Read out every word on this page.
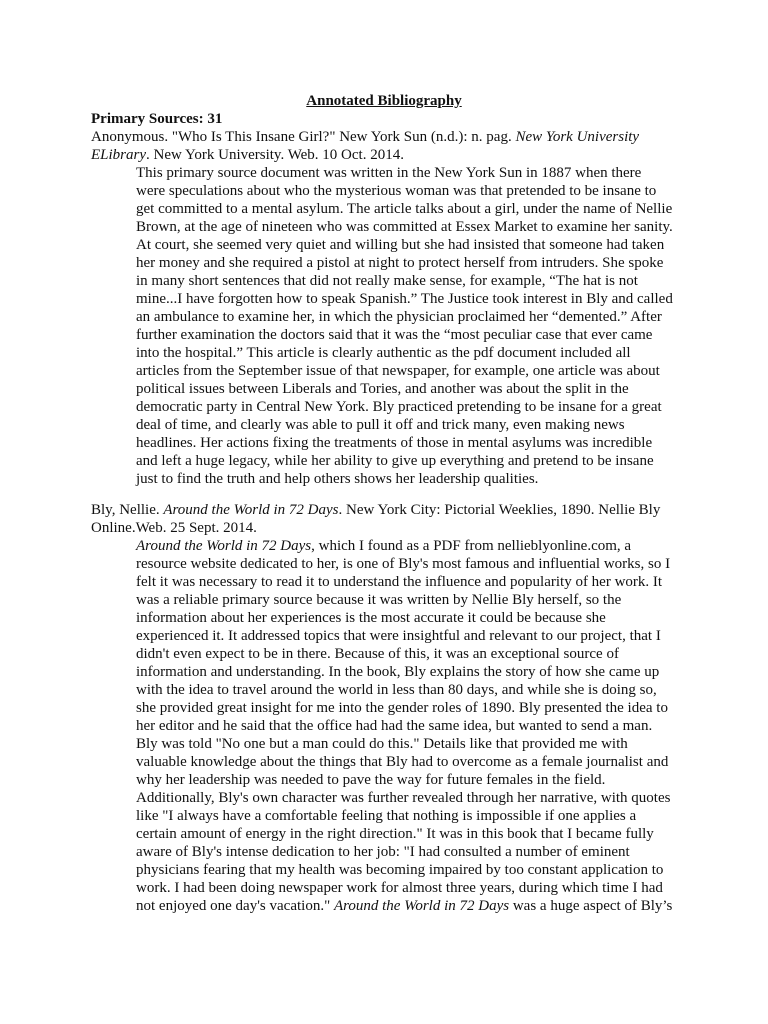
Annotated Bibliography
Primary Sources: 31
Anonymous. "Who Is This Insane Girl?" New York Sun (n.d.): n. pag. New York University
ELibrary. New York University. Web. 10 Oct. 2014.
This primary source document was written in the New York Sun in 1887 when there
were speculations about who the mysterious woman was that pretended to be insane to
get committed to a mental asylum. The article talks about a girl, under the name of Nellie
Brown, at the age of nineteen who was committed at Essex Market to examine her sanity.
At court, she seemed very quiet and willing but she had insisted that someone had taken
her money and she required a pistol at night to protect herself from intruders. She spoke
in many short sentences that did not really make sense, for example, “The hat is not
mine...I have forgotten how to speak Spanish.” The Justice took interest in Bly and called
an ambulance to examine her, in which the physician proclaimed her “demented.” After
further examination the doctors said that it was the “most peculiar case that ever came
into the hospital.” This article is clearly authentic as the pdf document included all
articles from the September issue of that newspaper, for example, one article was about
political issues between Liberals and Tories, and another was about the split in the
democratic party in Central New York. Bly practiced pretending to be insane for a great
deal of time, and clearly was able to pull it off and trick many, even making news
headlines. Her actions fixing the treatments of those in mental asylums was incredible
and left a huge legacy, while her ability to give up everything and pretend to be insane
just to find the truth and help others shows her leadership qualities.
Bly, Nellie. Around the World in 72 Days. New York City: Pictorial Weeklies, 1890. Nellie Bly
Online.Web. 25 Sept. 2014.
Around the World in 72 Days, which I found as a PDF from nellieblyonline.com, a
resource website dedicated to her, is one of Bly's most famous and influential works, so I
felt it was necessary to read it to understand the influence and popularity of her work. It
was a reliable primary source because it was written by Nellie Bly herself, so the
information about her experiences is the most accurate it could be because she
experienced it. It addressed topics that were insightful and relevant to our project, that I
didn't even expect to be in there. Because of this, it was an exceptional source of
information and understanding. In the book, Bly explains the story of how she came up
with the idea to travel around the world in less than 80 days, and while she is doing so,
she provided great insight for me into the gender roles of 1890. Bly presented the idea to
her editor and he said that the office had had the same idea, but wanted to send a man.
Bly was told "No one but a man could do this." Details like that provided me with
valuable knowledge about the things that Bly had to overcome as a female journalist and
why her leadership was needed to pave the way for future females in the field.
Additionally, Bly's own character was further revealed through her narrative, with quotes
like "I always have a comfortable feeling that nothing is impossible if one applies a
certain amount of energy in the right direction." It was in this book that I became fully
aware of Bly's intense dedication to her job: "I had consulted a number of eminent
physicians fearing that my health was becoming impaired by too constant application to
work. I had been doing newspaper work for almost three years, during which time I had
not enjoyed one day's vacation." Around the World in 72 Days was a huge aspect of Bly’s
